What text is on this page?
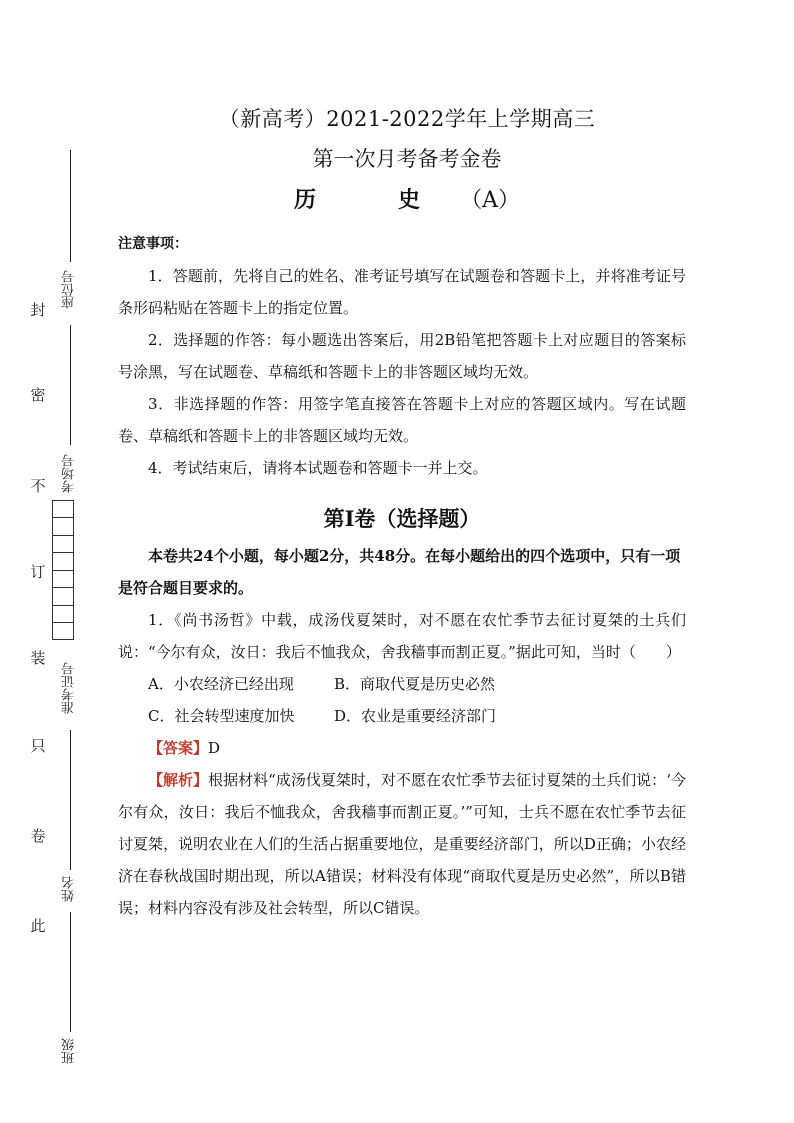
封
密
不
订
装
只
卷
此
座位号
考场号
准考证号
姓名
班级
（新高考）2021-2022学年上学期高三
第一次月考备考金卷
历　史 （A）
注意事项：

1．答题前，先将自己的姓名、准考证号填写在试题卷和答题卡上，并将准考证号条形码粘贴在答题卡上的指定位置。

2．选择题的作答：每小题选出答案后，用2B铅笔把答题卡上对应题目的答案标号涂黑，写在试题卷、草稿纸和答题卡上的非答题区域均无效。

3．非选择题的作答：用签字笔直接答在答题卡上对应的答题区域内。写在试题卷、草稿纸和答题卡上的非答题区域均无效。

4．考试结束后，请将本试题卷和答题卡一并上交。

第Ⅰ卷（选择题）

本卷共24个小题，每小题2分，共48分。在每小题给出的四个选项中，只有一项是符合题目要求的。

1．《尚书汤哲》中载，成汤伐夏桀时，对不愿在农忙季节去征讨夏桀的土兵们说：“今尔有众，汝日：我后不恤我众，舍我穑事而割正夏。”据此可知，当时（　　）

A．小农经济已经出现	B．商取代夏是历史必然
C．社会转型速度加快	D．农业是重要经济部门
【答案】D

【解析】根据材料“成汤伐夏桀时，对不愿在农忙季节去征讨夏桀的土兵们说：‘今尔有众，汝日：我后不恤我众，舍我穑事而割正夏。’”可知，士兵不愿在农忙季节去征讨夏桀，说明农业在人们的生活占据重要地位，是重要经济部门，所以D正确；小农经济在春秋战国时期出现，所以A错误；材料没有体现“商取代夏是历史必然”，所以B错误；材料内容没有涉及社会转型，所以C错误。
